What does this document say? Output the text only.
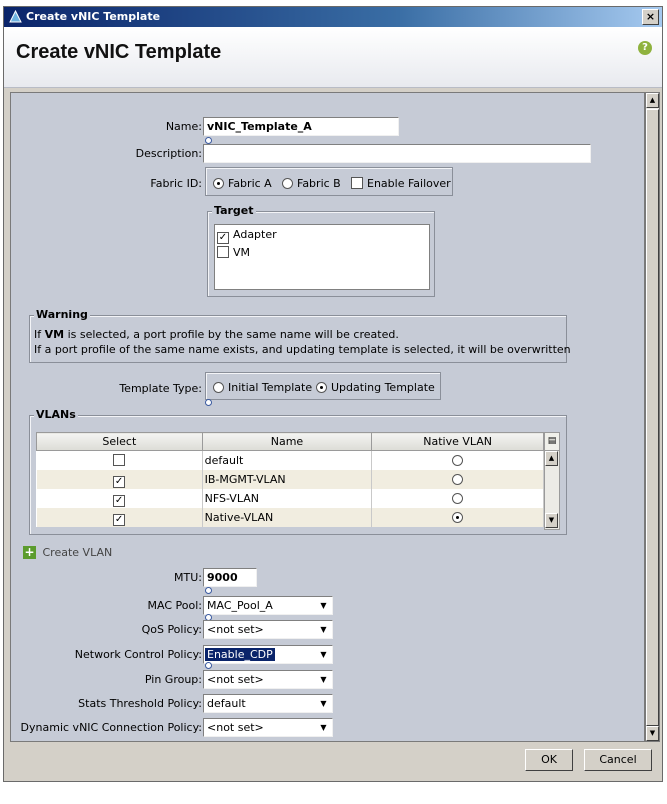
Create vNIC Template	×
Create vNIC Template	?
Name: vNIC_Template_A
Description:
Fabric ID:	Fabric A	Fabric B	Enable Failover
Target
✓ Adapter
VM
Warning
If VM is selected, a port profile by the same name will be created.
If a port profile of the same name exists, and updating template is selected, it will be overwritten
Template Type:	Initial Template	Updating Template
VLANs
Select	Name	Native VLAN
	default	
✓	IB-MGMT-VLAN	
✓	NFS-VLAN	
✓	Native-VLAN	
▤
▲
▼
+ Create VLAN
MTU: 9000
MAC Pool: MAC_Pool_A	▼
QoS Policy: <not set>	▼
Network Control Policy: Enable_CDP	▼
Pin Group: <not set>	▼
Stats Threshold Policy: default	▼
Dynamic vNIC Connection Policy: <not set>	▼
▲
▼
OK	Cancel
